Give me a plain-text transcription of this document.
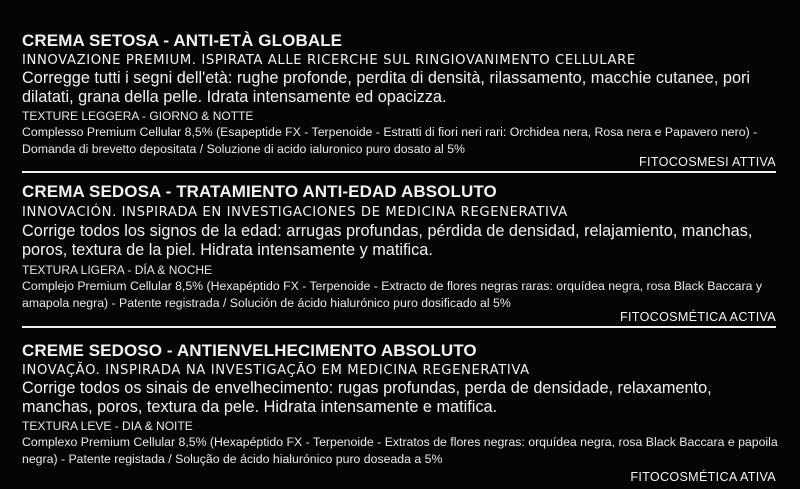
CREMA SETOSA - ANTI-ETÀ GLOBALE
INNOVAZIONE PREMIUM. ISPIRATA ALLE RICERCHE SUL RINGIOVANIMENTO CELLULARE
Corregge tutti i segni dell'età: rughe profonde, perdita di densità, rilassamento, macchie cutanee, pori dilatati, grana della pelle. Idrata intensamente ed opacizza.
TEXTURE LEGGERA - GIORNO & NOTTE
Complesso Premium Cellular 8,5% (Esapeptide FX - Terpenoide - Estratti di fiori neri rari: Orchidea nera, Rosa nera e Papavero nero) - Domanda di brevetto depositata / Soluzione di acido ialuronico puro dosato al 5%
FITOCOSMESI ATTIVA
CREMA SEDOSA - TRATAMIENTO ANTI-EDAD ABSOLUTO
INNOVACIÓN. INSPIRADA EN INVESTIGACIONES DE MEDICINA REGENERATIVA
Corrige todos los signos de la edad: arrugas profundas, pérdida de densidad, relajamiento, manchas, poros, textura de la piel. Hidrata intensamente y matifica.
TEXTURA LIGERA - DÍA & NOCHE
Complejo Premium Cellular 8,5% (Hexapéptido FX - Terpenoide - Extracto de flores negras raras: orquídea negra, rosa Black Baccara y amapola negra) - Patente registrada / Solución de ácido hialurónico puro dosificado al 5%
FITOCOSMÉTICA ACTIVA
CREME SEDOSO - ANTIENVELHECIMENTO ABSOLUTO
INOVAÇÃO. INSPIRADA NA INVESTIGAÇÃO EM MEDICINA REGENERATIVA
Corrige todos os sinais de envelhecimento: rugas profundas, perda de densidade, relaxamento, manchas, poros, textura da pele. Hidrata intensamente e matifica.
TEXTURA LEVE - DIA & NOITE
Complexo Premium Cellular 8,5% (Hexapéptido FX - Terpenoide - Extratos de flores negras: orquídea negra, rosa Black Baccara e papoila negra) - Patente registada / Solução de ácido hialurónico puro doseada a 5%
FITOCOSMÉTICA ATIVA
